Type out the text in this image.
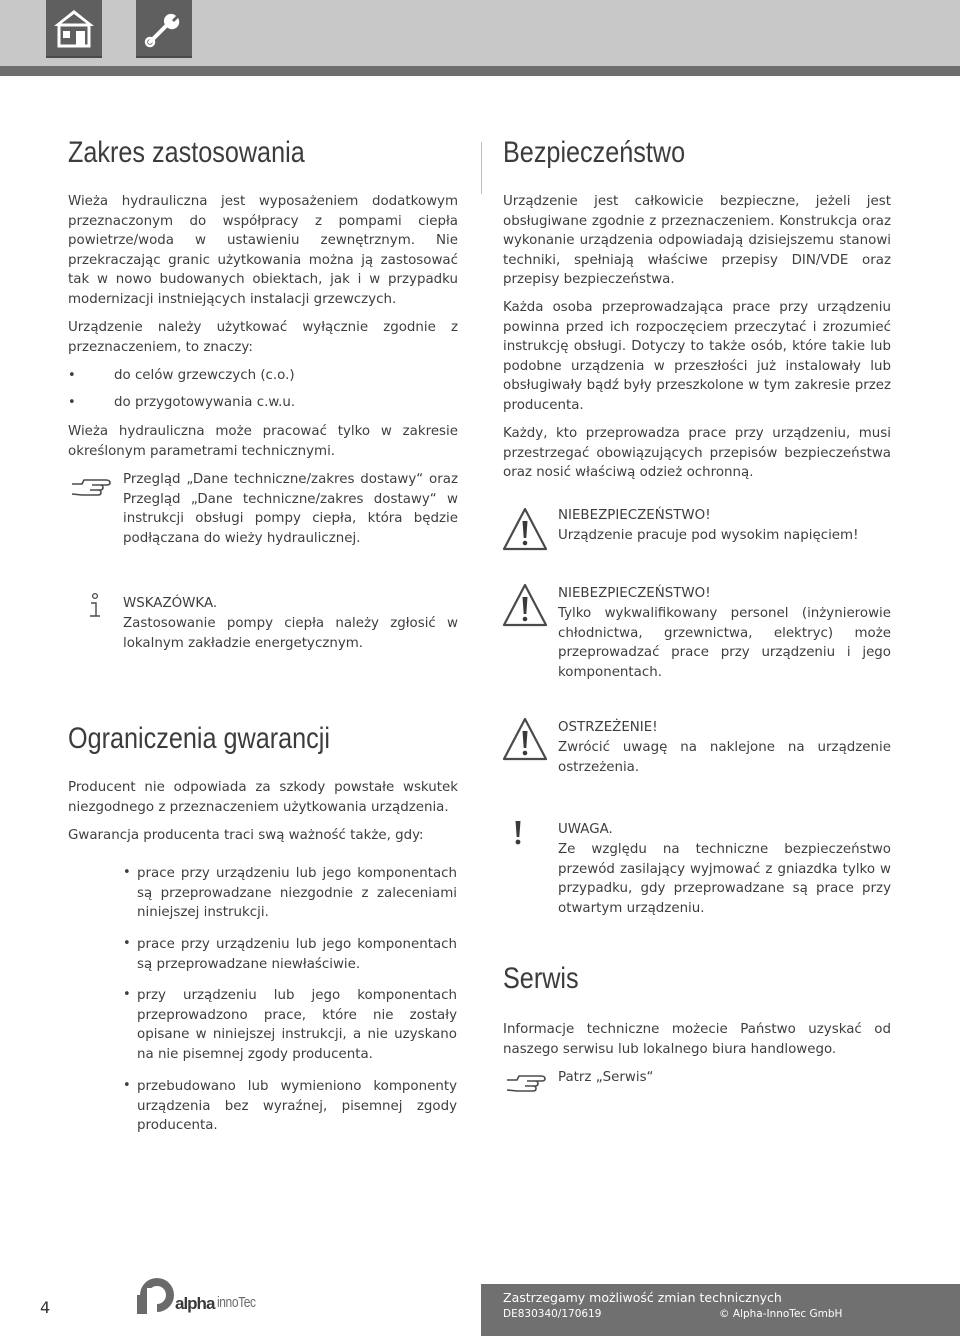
Zakres zastosowania

Wieża hydrauliczna jest wyposażeniem dodatkowym przeznaczonym do współpracy z pompami ciepła powietrze/woda w ustawieniu zewnętrznym. Nie przekraczając granic użytkowania można ją zastosować tak w nowo budowanych obiektach, jak i w przypadku modernizacji instniejących instalacji grzewczych.

Urządzenie należy użytkować wyłącznie zgodnie z przeznaczeniem, to znaczy:

•	do celów grzewczych (c.o.)
•	do przygotowywania c.w.u.

Wieża hydrauliczna może pracować tylko w zakresie określonym parametrami technicznymi.

Przegląd „Dane techniczne/zakres dostawy“ oraz Przegląd „Dane techniczne/zakres dostawy“ w instrukcji obsługi pompy ciepła, która będzie podłączana do wieży hydraulicznej.

WSKAZÓWKA.

Zastosowanie pompy ciepła należy zgłosić w lokalnym zakładzie energetycznym.

Ograniczenia gwarancji

Producent nie odpowiada za szkody powstałe wskutek niezgodnego z przeznaczeniem użytkowania urządzenia.

Gwarancja producenta traci swą ważność także, gdy:

• prace przy urządzeniu lub jego komponentach są przeprowadzane niezgodnie z zaleceniami niniejszej instrukcji.

• prace przy urządzeniu lub jego komponentach są przeprowadzane niewłaściwie.

• przy urządzeniu lub jego komponentach przeprowadzono prace, które nie zostały opisane w niniejszej instrukcji, a nie uzyskano na nie pisemnej zgody producenta.

• przebudowano lub wymieniono komponenty urządzenia bez wyraźnej, pisemnej zgody producenta.

Bezpieczeństwo

Urządzenie jest całkowicie bezpieczne, jeżeli jest obsługiwane zgodnie z przeznaczeniem. Konstrukcja oraz wykonanie urządzenia odpowiadają dzisiejszemu stanowi techniki, spełniają właściwe przepisy DIN/VDE oraz przepisy bezpieczeństwa.

Każda osoba przeprowadzająca prace przy urządzeniu powinna przed ich rozpoczęciem przeczytać i zrozumieć instrukcję obsługi. Dotyczy to także osób, które takie lub podobne urządzenia w przeszłości już instalowały lub obsługiwały bądź były przeszkolone w tym zakresie przez producenta.

Każdy, kto przeprowadza prace przy urządzeniu, musi przestrzegać obowiązujących przepisów bezpieczeństwa oraz nosić właściwą odzież ochronną.

NIEBEZPIECZEŃSTWO!

Urządzenie pracuje pod wysokim napięciem!

NIEBEZPIECZEŃSTWO!

Tylko wykwalifikowany personel (inżynierowie chłodnictwa, grzewnictwa, elektryc) może przeprowadzać prace przy urządzeniu i jego komponentach.

OSTRZEŻENIE!

Zwrócić uwagę na naklejone na urządzenie ostrzeżenia.

UWAGA.

Ze względu na techniczne bezpieczeństwo przewód zasilający wyjmować z gniazdka tylko w przypadku, gdy przeprowadzane są prace przy otwartym urządzeniu.

Serwis

Informacje techniczne możecie Państwo uzyskać od naszego serwisu lub lokalnego biura handlowego.

Patrz „Serwis“

4	alpha innoTec	Zastrzegamy możliwość zmian technicznych
DE830340/170619	© Alpha-InnoTec GmbH
